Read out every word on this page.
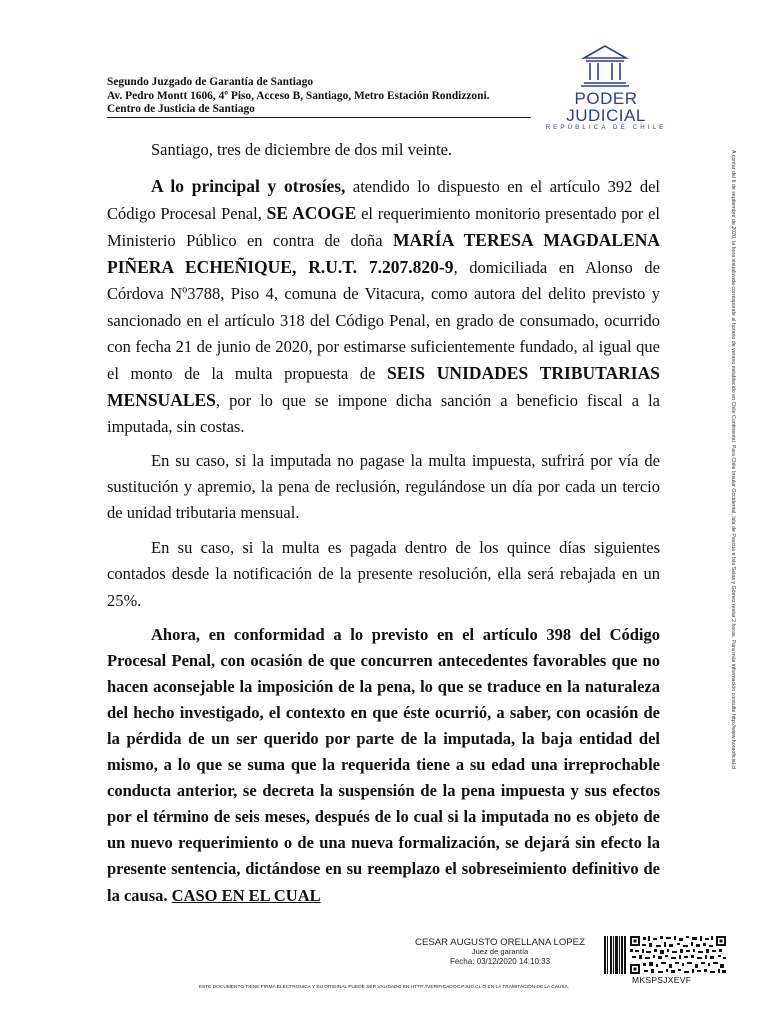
Segundo Juzgado de Garantía de Santiago
Av. Pedro Montt 1606, 4º Piso, Acceso B, Santiago, Metro Estación Rondizzoni.
Centro de Justicia de Santiago
PODER JUDICIAL
REPÚBLICA DE CHILE

Santiago, tres de diciembre de dos mil veinte.

A lo principal y otrosíes, atendido lo dispuesto en el artículo 392 del Código Procesal Penal, SE ACOGE el requerimiento monitorio presentado por el Ministerio Público en contra de doña MARÍA TERESA MAGDALENA PIÑERA ECHEÑIQUE, R.U.T. 7.207.820-9, domiciliada en Alonso de Córdova Nº3788, Piso 4, comuna de Vitacura, como autora del delito previsto y sancionado en el artículo 318 del Código Penal, en grado de consumado, ocurrido con fecha 21 de junio de 2020, por estimarse suficientemente fundado, al igual que el monto de la multa propuesta de SEIS UNIDADES TRIBUTARIAS MENSUALES, por lo que se impone dicha sanción a beneficio fiscal a la imputada, sin costas.

En su caso, si la imputada no pagase la multa impuesta, sufrirá por vía de sustitución y apremio, la pena de reclusión, regulándose un día por cada un tercio de unidad tributaria mensual.

En su caso, si la multa es pagada dentro de los quince días siguientes contados desde la notificación de la presente resolución, ella será rebajada en un 25%.

Ahora, en conformidad a lo previsto en el artículo 398 del Código Procesal Penal, con ocasión de que concurren antecedentes favorables que no hacen aconsejable la imposición de la pena, lo que se traduce en la naturaleza del hecho investigado, el contexto en que éste ocurrió, a saber, con ocasión de la pérdida de un ser querido por parte de la imputada, la baja entidad del mismo, a lo que se suma que la requerida tiene a su edad una irreprochable conducta anterior, se decreta la suspensión de la pena impuesta y sus efectos por el término de seis meses, después de lo cual si la imputada no es objeto de un nuevo requerimiento o de una nueva formalización, se dejará sin efecto la presente sentencia, dictándose en su reemplazo el sobreseimiento definitivo de la causa. CASO EN EL CUAL

A contar del 6 de septiembre de 2020, la hora visualizada corresponde al horario de verano establecido en Chile Continental. Para Chile Insular Occidental, Isla de Pascua e Isla Salas y Gómez restar 2 horas. Para más información consulte http://www.horaoficial.cl
CESAR AUGUSTO ORELLANA LOPEZ
Juez de garantía
Fecha: 03/12/2020 14:10:33
MKSPSJXEVF
ESTE DOCUMENTO TIENE FIRMA ELECTRONICA Y SU ORIGINAL PUEDE SER VALIDADO EN HTTP://VERIFICADOC.PJUD.CL O EN LA TRAMITACION DE LA CAUSA.
